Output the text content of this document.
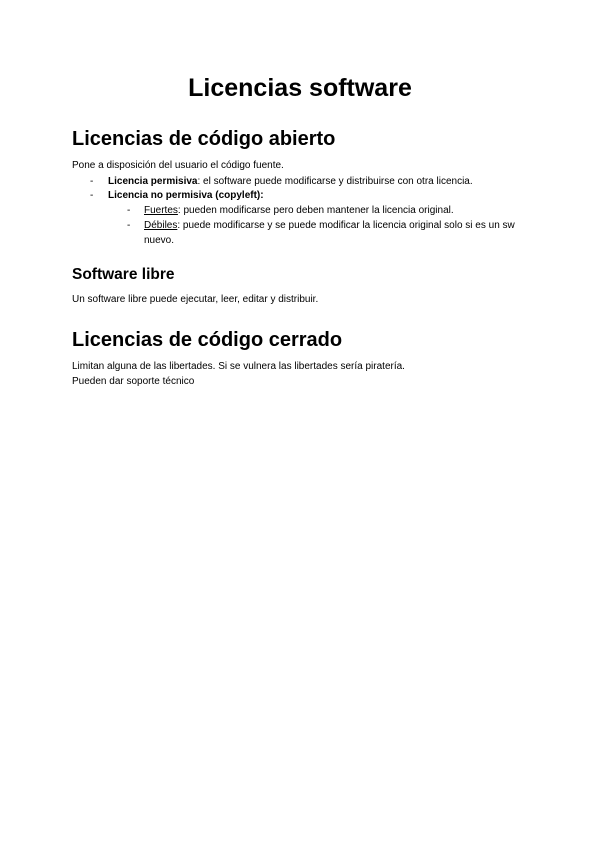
Licencias software
Licencias de código abierto

Pone a disposición del usuario el código fuente.

- Licencia permisiva: el software puede modificarse y distribuirse con otra licencia.

- Licencia no permisiva (copyleft):

- Fuertes: pueden modificarse pero deben mantener la licencia original.

- Débiles: puede modificarse y se puede modificar la licencia original solo si es un sw nuevo.

Software libre

Un software libre puede ejecutar, leer, editar y distribuir.

Licencias de código cerrado

Limitan alguna de las libertades. Si se vulnera las libertades sería piratería.

Pueden dar soporte técnico
